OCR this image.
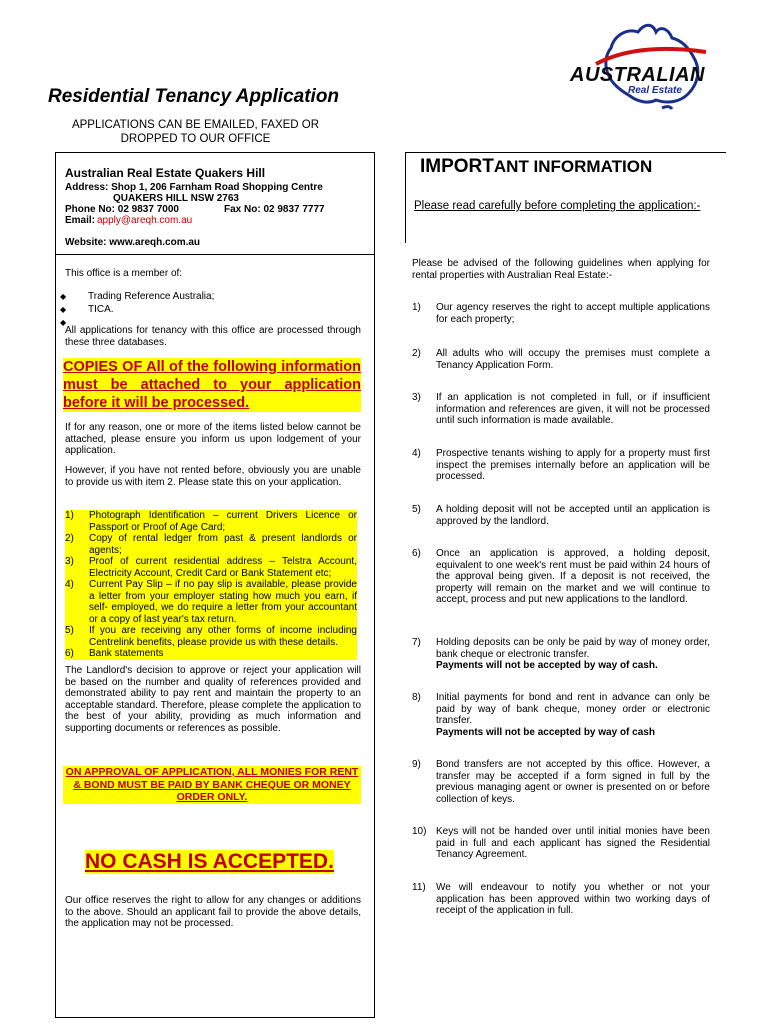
AUSTRALIAN
Real Estate
Residential Tenancy Application
APPLICATIONS CAN BE EMAILED, FAXED OR DROPPED TO OUR OFFICE
Australian Real Estate Quakers Hill
Address: Shop 1, 206 Farnham Road Shopping Centre
QUAKERS HILL NSW 2763
Phone No: 02 9837 7000	Fax No: 02 9837 7777
Email: apply@areqh.com.au
Website: www.areqh.com.au
This office is a member of:
◆ Trading Reference Australia;
◆ TICA.
◆
All applications for tenancy with this office are processed through these three databases.
COPIES OF All of the following information must be attached to your application before it will be processed.
If for any reason, one or more of the items listed below cannot be attached, please ensure you inform us upon lodgement of your application.
However, if you have not rented before, obviously you are unable to provide us with item 2. Please state this on your application.
1)	Photograph Identification – current Drivers Licence or Passport or Proof of Age Card;
2)	Copy of rental ledger from past & present landlords or agents;
3)	Proof of current residential address – Telstra Account, Electricity Account, Credit Card or Bank Statement etc;
4)	Current Pay Slip – if no pay slip is available, please provide a letter from your employer stating how much you earn, if self- employed, we do require a letter from your accountant or a copy of last year's tax return.
5)	If you are receiving any other forms of income including Centrelink benefits, please provide us with these details.
6)	Bank statements
The Landlord's decision to approve or reject your application will be based on the number and quality of references provided and demonstrated ability to pay rent and maintain the property to an acceptable standard. Therefore, please complete the application to the best of your ability, providing as much information and supporting documents or references as possible.
ON APPROVAL OF APPLICATION, ALL MONIES FOR RENT & BOND MUST BE PAID BY BANK CHEQUE OR MONEY ORDER ONLY.
NO CASH IS ACCEPTED.
Our office reserves the right to allow for any changes or additions to the above. Should an applicant fail to provide the above details, the application may not be processed.
IMPORTANT INFORMATION
Please read carefully before completing the application:-
Please be advised of the following guidelines when applying for rental properties with Australian Real Estate:-
1) Our agency reserves the right to accept multiple applications for each property;
2) All adults who will occupy the premises must complete a Tenancy Application Form.
3) If an application is not completed in full, or if insufficient information and references are given, it will not be processed until such information is made available.
4) Prospective tenants wishing to apply for a property must first inspect the premises internally before an application will be processed.
5) A holding deposit will not be accepted until an application is approved by the landlord.
6) Once an application is approved, a holding deposit, equivalent to one week's rent must be paid within 24 hours of the approval being given. If a deposit is not received, the property will remain on the market and we will continue to accept, process and put new applications to the landlord.
7) Holding deposits can be only be paid by way of money order, bank cheque or electronic transfer.
Payments will not be accepted by way of cash.
8) Initial payments for bond and rent in advance can only be paid by way of bank cheque, money order or electronic transfer.
Payments will not be accepted by way of cash
9) Bond transfers are not accepted by this office. However, a transfer may be accepted if a form signed in full by the previous managing agent or owner is presented on or before collection of keys.
10) Keys will not be handed over until initial monies have been paid in full and each applicant has signed the Residential Tenancy Agreement.
11) We will endeavour to notify you whether or not your application has been approved within two working days of receipt of the application in full.
